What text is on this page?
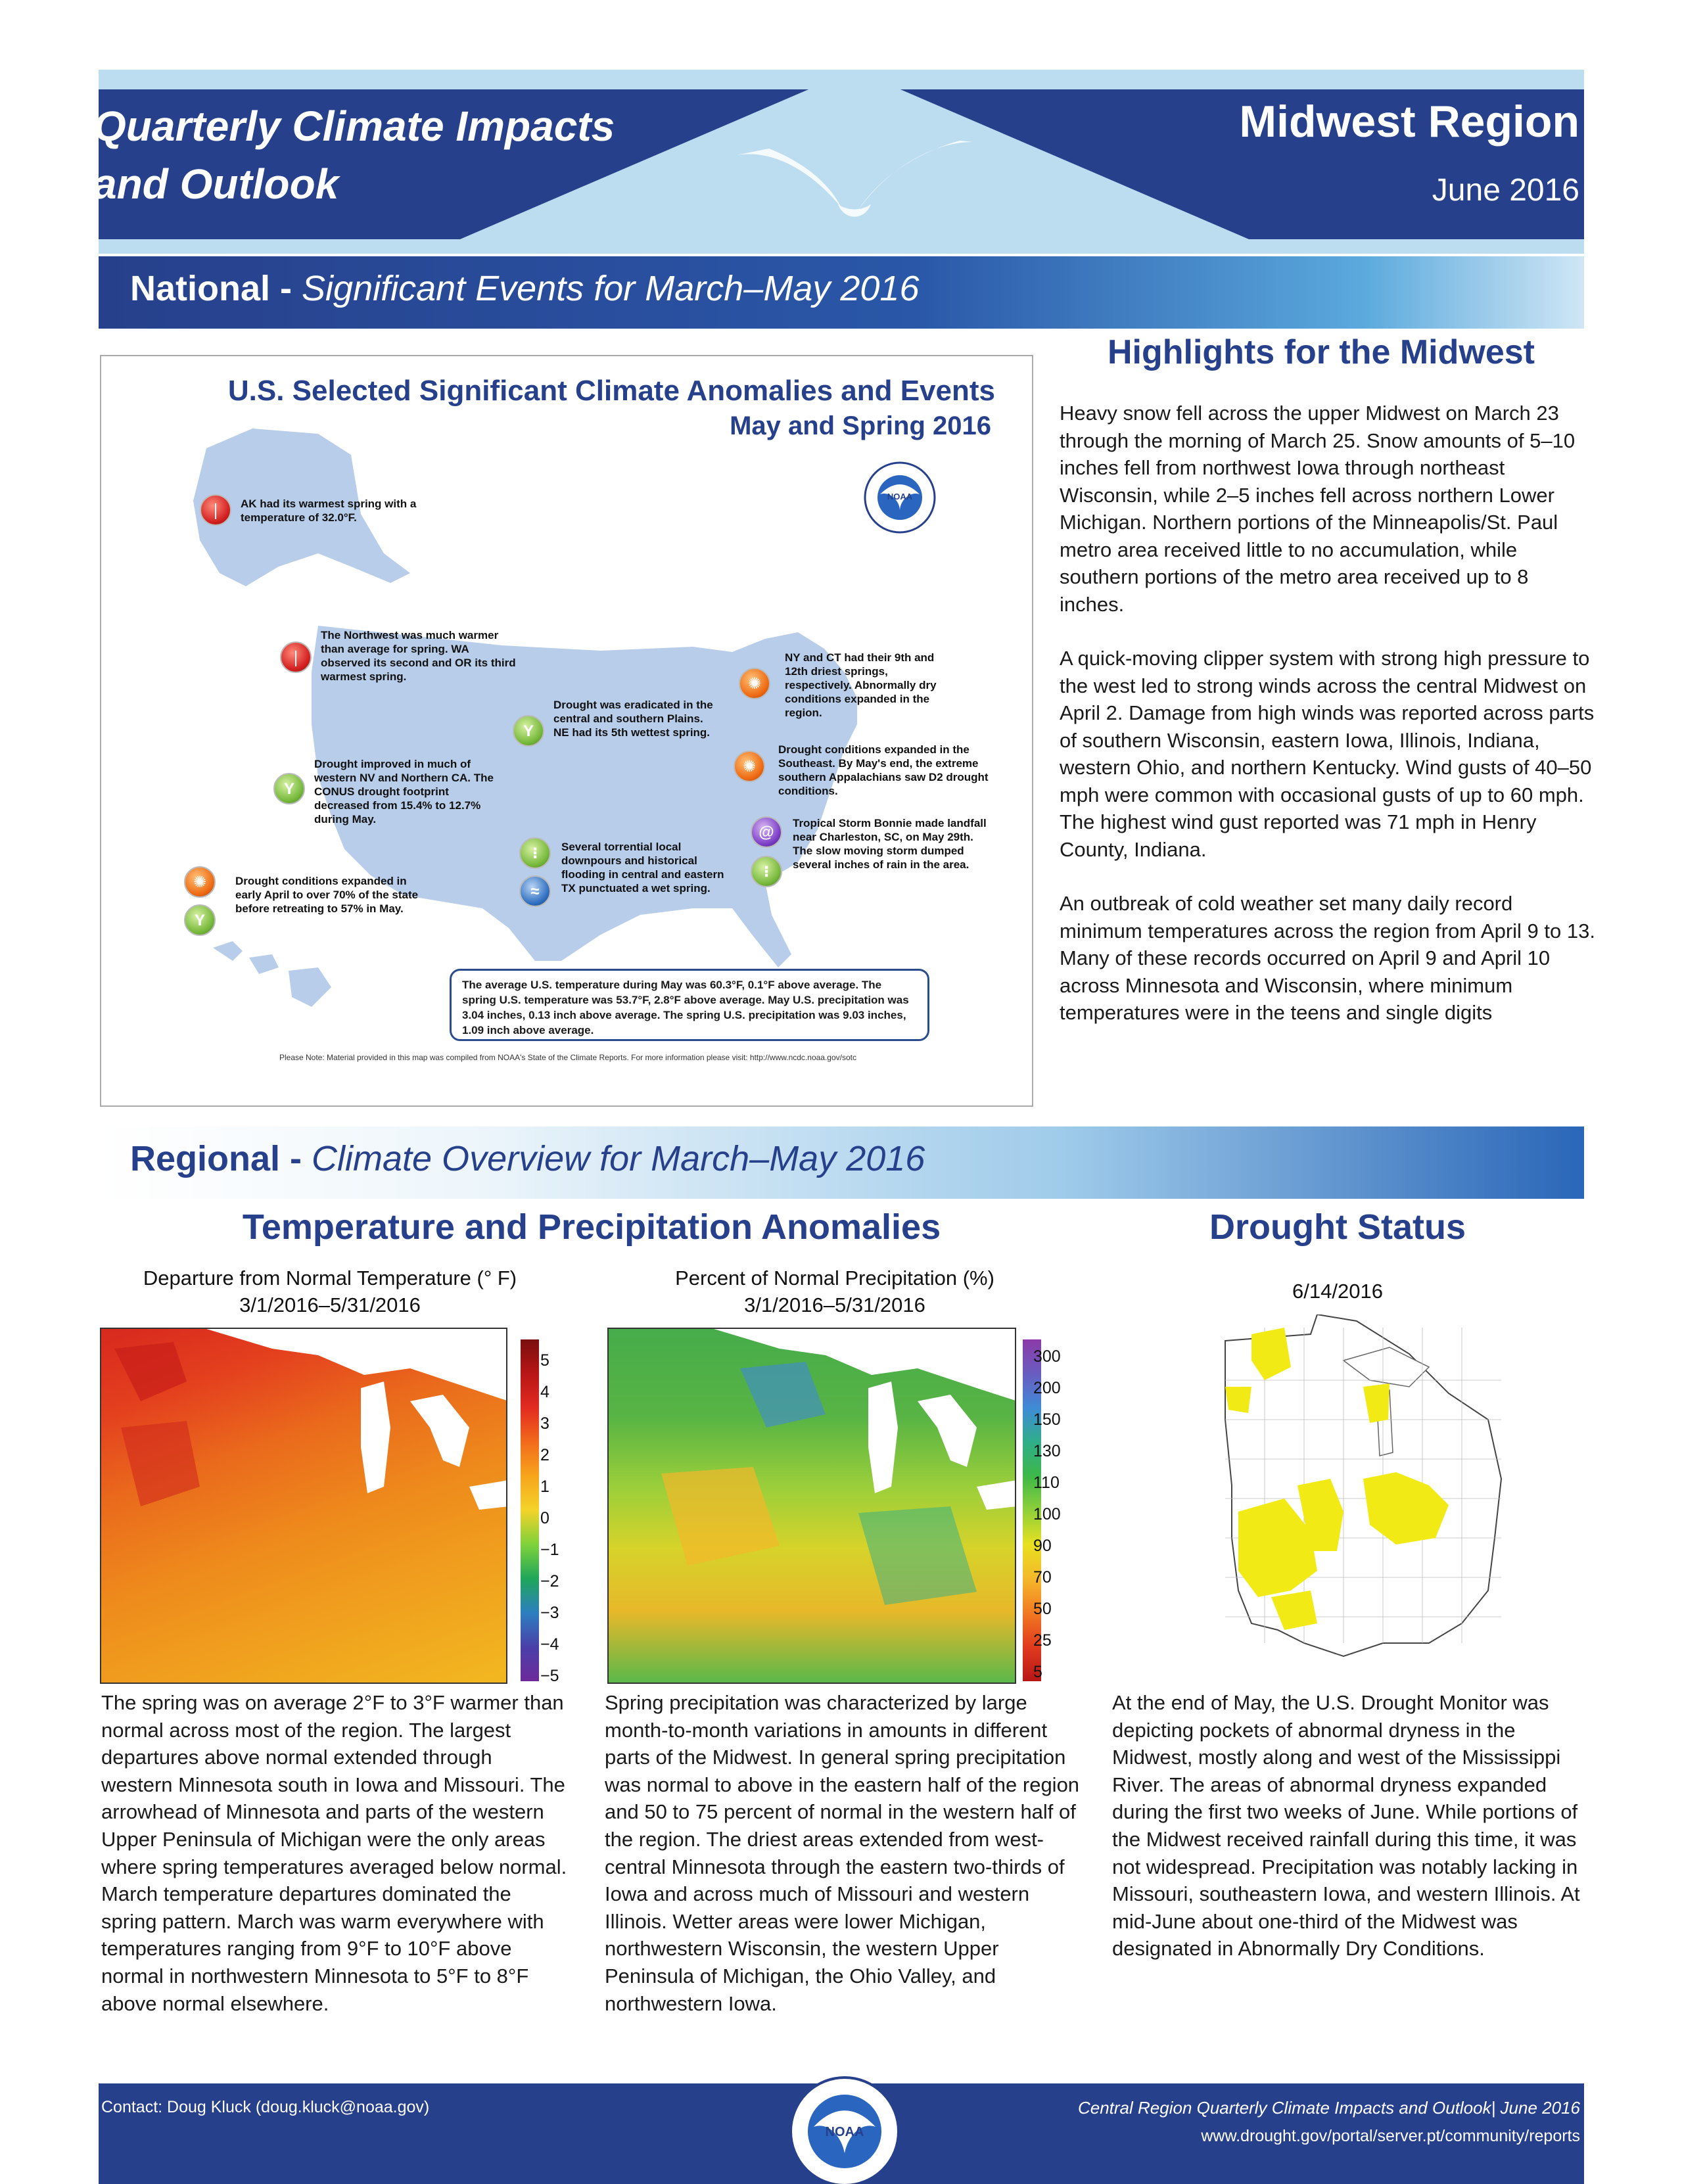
Quarterly Climate Impacts
and Outlook
Midwest Region
June 2016
National - Significant Events for March–May 2016
U.S. Selected Significant Climate Anomalies and Events
May and Spring 2016
NOAA
❘	AK had its warmest spring with a temperature of 32.0°F.
❘
The Northwest was much warmer than average for spring. WA observed its second and OR its third warmest spring.	✺
NY and CT had their 9th and 12th driest springs, respectively. Abnormally dry conditions expanded in the region.
Y
Drought was eradicated in the central and southern Plains. NE had its 5th wettest spring.
✺
Drought conditions expanded in the Southeast. By May's end, the extreme southern Appalachians saw D2 drought conditions.
Y
Drought improved in much of western NV and Northern CA. The CONUS drought footprint decreased from 15.4% to 12.7% during May.
@
Tropical Storm Bonnie made landfall near Charleston, SC, on May 29th. The slow moving storm dumped several inches of rain in the area.
⁝
⁝
≈
Several torrential local downpours and historical flooding in central and eastern TX punctuated a wet spring.
✺
Y
Drought conditions expanded in early April to over 70% of the state before retreating to 57% in May.
The average U.S. temperature during May was 60.3°F, 0.1°F above average. The spring U.S. temperature was 53.7°F, 2.8°F above average. May U.S. precipitation was 3.04 inches, 0.13 inch above average. The spring U.S. precipitation was 9.03 inches, 1.09 inch above average.
Please Note: Material provided in this map was compiled from NOAA's State of the Climate Reports. For more information please visit: http://www.ncdc.noaa.gov/sotc
Highlights for the Midwest

Heavy snow fell across the upper Midwest on March 23 through the morning of March 25. Snow amounts of 5–10 inches fell from northwest Iowa through northeast Wisconsin, while 2–5 inches fell across northern Lower Michigan. Northern portions of the Minneapolis/St. Paul metro area received little to no accumulation, while southern portions of the metro area received up to 8 inches.

A quick-moving clipper system with strong high pressure to the west led to strong winds across the central Midwest on April 2. Damage from high winds was reported across parts of southern Wisconsin, eastern Iowa, Illinois, Indiana, western Ohio, and northern Kentucky. Wind gusts of 40–50 mph were common with occasional gusts of up to 60 mph. The highest wind gust reported was 71 mph in Henry County, Indiana.

An outbreak of cold weather set many daily record minimum temperatures across the region from April 9 to 13. Many of these records occurred on April 9 and April 10 across Minnesota and Wisconsin, where minimum temperatures were in the teens and single digits

Regional - Climate Overview for March–May 2016
Temperature and Precipitation Anomalies	Drought Status
Departure from Normal Temperature (° F)
3/1/2016–5/31/2016
5
4
3
2
1
0
−1
−2
−3
−4
−5
Percent of Normal Precipitation (%)
3/1/2016–5/31/2016
300
200
150
130
110
100
90
70
50
25
5
6/14/2016
The spring was on average 2°F to 3°F warmer than normal across most of the region. The largest departures above normal extended through western Minnesota south in Iowa and Missouri. The arrowhead of Minnesota and parts of the western Upper Peninsula of Michigan were the only areas where spring temperatures averaged below normal. March temperature departures dominated the spring pattern. March was warm everywhere with temperatures ranging from 9°F to 10°F above normal in northwestern Minnesota to 5°F to 8°F above normal elsewhere.
Spring precipitation was characterized by large month-to-month variations in amounts in different parts of the Midwest. In general spring precipitation was normal to above in the eastern half of the region and 50 to 75 percent of normal in the western half of the region. The driest areas extended from west-central Minnesota through the eastern two-thirds of Iowa and across much of Missouri and western Illinois. Wetter areas were lower Michigan, northwestern Wisconsin, the western Upper Peninsula of Michigan, the Ohio Valley, and northwestern Iowa.
At the end of May, the U.S. Drought Monitor was depicting pockets of abnormal dryness in the Midwest, mostly along and west of the Mississippi River. The areas of abnormal dryness expanded during the first two weeks of June. While portions of the Midwest received rainfall during this time, it was not widespread. Precipitation was notably lacking in Missouri, southeastern Iowa, and western Illinois. At mid-June about one-third of the Midwest was designated in Abnormally Dry Conditions.
Contact: Doug Kluck (doug.kluck@noaa.gov)
NOAA
Central Region Quarterly Climate Impacts and Outlook| June 2016
www.drought.gov/portal/server.pt/community/reports
